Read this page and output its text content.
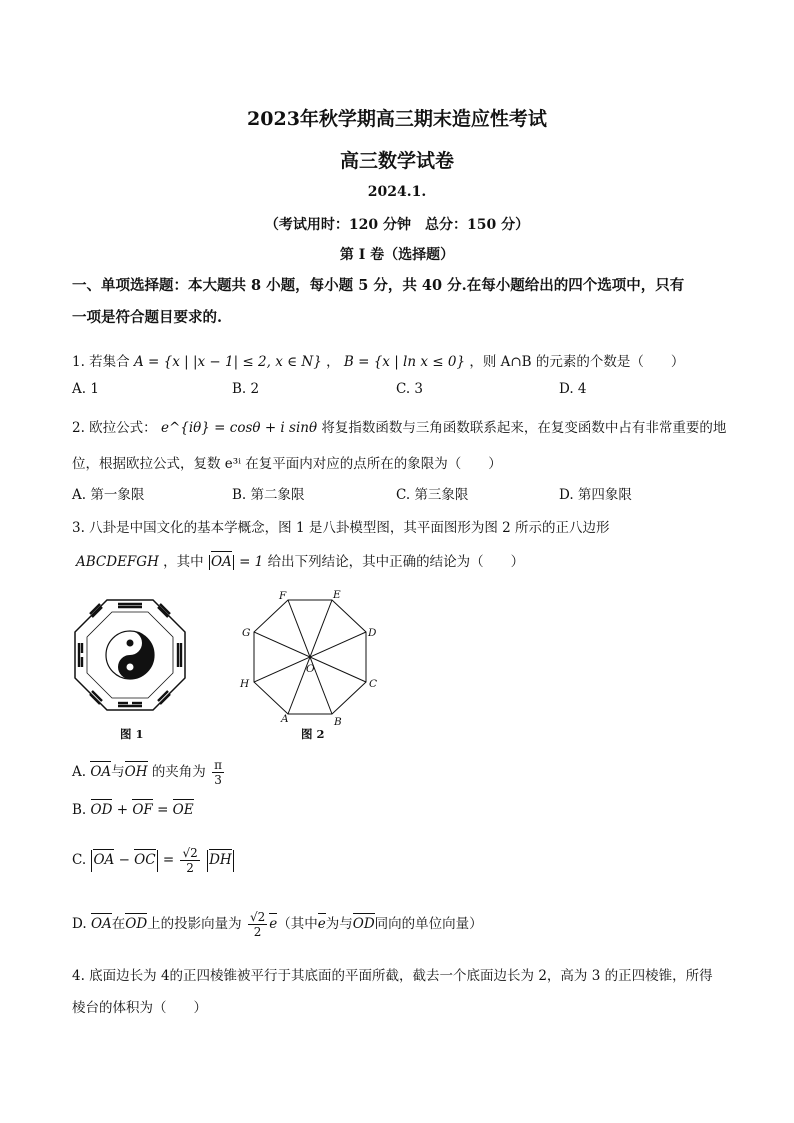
2023年秋学期高三期末造应性考试
高三数学试卷
2024.1.
（考试用时：120 分钟　总分：150 分）
第 I 卷（选择题）
一、单项选择题：本大题共 8 小题，每小题 5 分，共 40 分.在每小题给出的四个选项中，只有
一项是符合题目要求的.
1. 若集合 A = {x | |x − 1| ≤ 2, x ∈ N} ， B = {x | ln x ≤ 0} ，则 A∩B 的元素的个数是（　　）
A. 1	B. 2	C. 3	D. 4
2. 欧拉公式： e^{iθ} = cosθ + i sinθ 将复指数函数与三角函数联系起来，在复变函数中占有非常重要的地
位，根据欧拉公式，复数 e³ⁱ 在复平面内对应的点所在的象限为（　　）
A. 第一象限	B. 第二象限	C. 第三象限	D. 第四象限
3. 八卦是中国文化的基本学概念，图 1 是八卦模型图，其平面图形为图 2 所示的正八边形
ABCDEFGH ，其中 OA = 1 给出下列结论，其中正确的结论为（　　）
图 1
A	B
C
D
E
F
G
H
O
图 2
A. OA与OH 的夹角为 $\frac{\pi}{3}$
B. OD + OF = OE
C. OA − OC = $\frac{√2}{2}$ DH
D. OA在OD上的投影向量为 $\frac{√2}{2} e$（其中e为与OD同向的单位向量）
4. 底面边长为 4的正四棱锥被平行于其底面的平面所截，截去一个底面边长为 2，高为 3 的正四棱锥，所得
棱台的体积为（　　）
